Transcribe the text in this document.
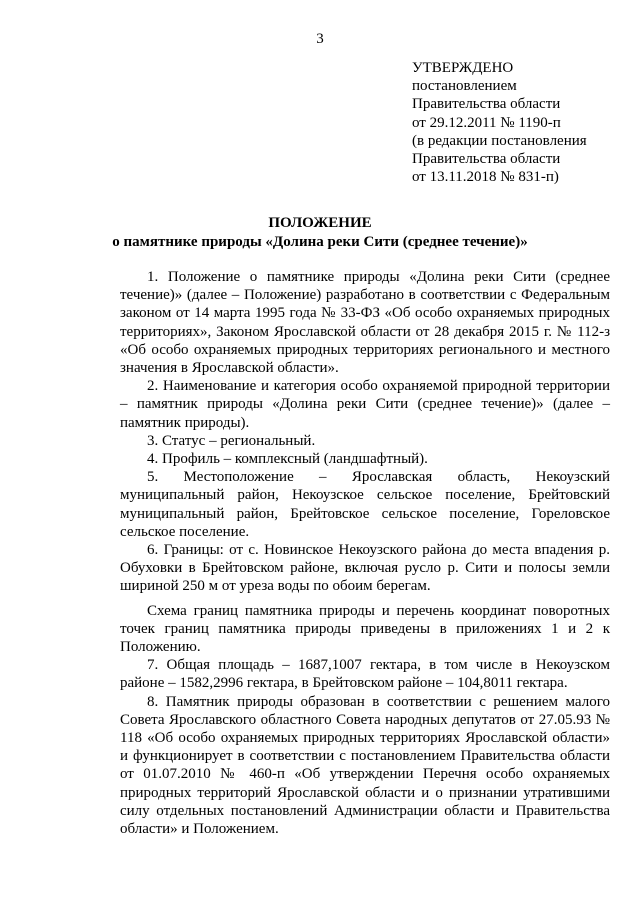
3
УТВЕРЖДЕНО
постановлением
Правительства области
от 29.12.2011 № 1190-п
(в редакции постановления
Правительства области
от 13.11.2018 № 831-п)
ПОЛОЖЕНИЕ
о памятнике природы «Долина реки Сити (среднее течение)»

1. Положение о памятнике природы «Долина реки Сити (среднее течение)» (далее – Положение) разработано в соответствии с Федеральным законом от 14 марта 1995 года № 33-ФЗ «Об особо охраняемых природных территориях», Законом Ярославской области от 28 декабря 2015 г. № 112-з «Об особо охраняемых природных территориях регионального и местного значения в Ярославской области».

2. Наименование и категория особо охраняемой природной территории – памятник природы «Долина реки Сити (среднее течение)» (далее – памятник природы).

3. Статус – региональный.

4. Профиль – комплексный (ландшафтный).

5. Местоположение – Ярославская область, Некоузский муниципальный район, Некоузское сельское поселение, Брейтовский муниципальный район, Брейтовское сельское поселение, Гореловское сельское поселение.

6. Границы: от с. Новинское Некоузского района до места впадения р. Обуховки в Брейтовском районе, включая русло р. Сити и полосы земли шириной 250 м от уреза воды по обоим берегам.

Схема границ памятника природы и перечень координат поворотных точек границ памятника природы приведены в приложениях 1 и 2 к Положению.

7. Общая площадь – 1687,1007 гектара, в том числе в Некоузском районе – 1582,2996 гектара, в Брейтовском районе – 104,8011 гектара.

8. Памятник природы образован в соответствии с решением малого Совета Ярославского областного Совета народных депутатов от 27.05.93 № 118 «Об особо охраняемых природных территориях Ярославской области» и функционирует в соответствии с постановлением Правительства области от 01.07.2010 № 460-п «Об утверждении Перечня особо охраняемых природных территорий Ярославской области и о признании утратившими силу отдельных постановлений Администрации области и Правительства области» и Положением.
